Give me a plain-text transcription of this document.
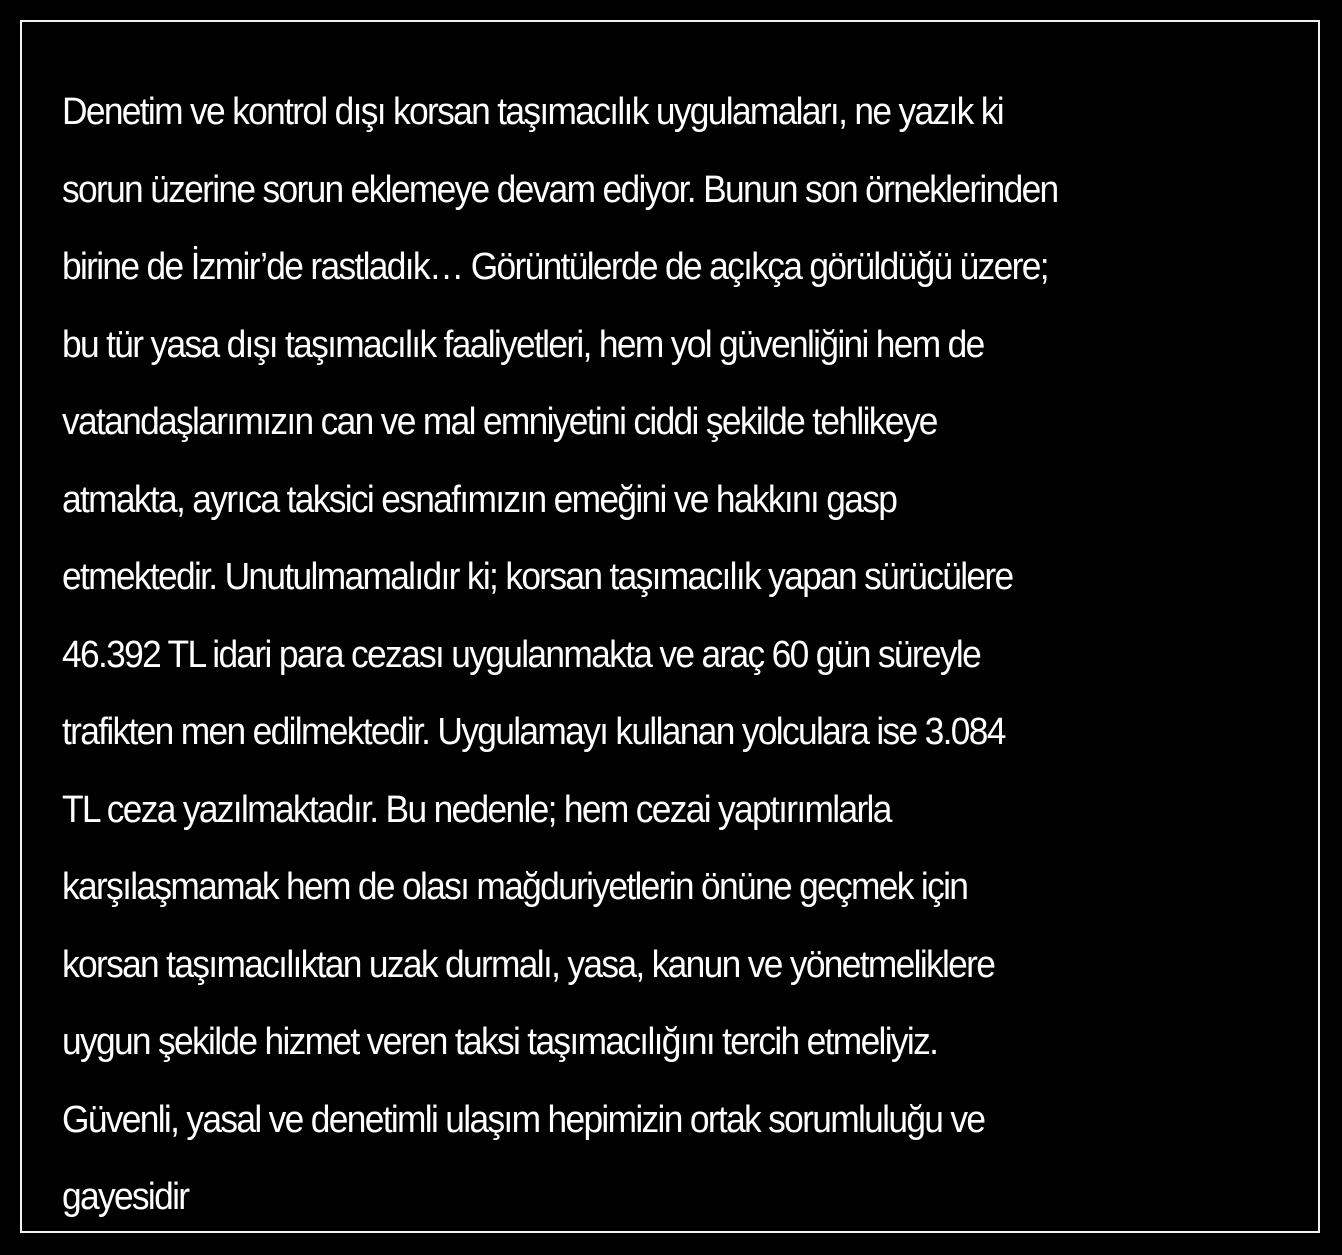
Denetim ve kontrol dışı korsan taşımacılık uygulamaları, ne yazık ki
sorun üzerine sorun eklemeye devam ediyor. Bunun son örneklerinden
birine de İzmir’de rastladık… Görüntülerde de açıkça görüldüğü üzere;
bu tür yasa dışı taşımacılık faaliyetleri, hem yol güvenliğini hem de
vatandaşlarımızın can ve mal emniyetini ciddi şekilde tehlikeye
atmakta, ayrıca taksici esnafımızın emeğini ve hakkını gasp
etmektedir. Unutulmamalıdır ki; korsan taşımacılık yapan sürücülere
46.392 TL idari para cezası uygulanmakta ve araç 60 gün süreyle
trafikten men edilmektedir. Uygulamayı kullanan yolculara ise 3.084
TL ceza yazılmaktadır. Bu nedenle; hem cezai yaptırımlarla
karşılaşmamak hem de olası mağduriyetlerin önüne geçmek için
korsan taşımacılıktan uzak durmalı, yasa, kanun ve yönetmeliklere
uygun şekilde hizmet veren taksi taşımacılığını tercih etmeliyiz.
Güvenli, yasal ve denetimli ulaşım hepimizin ortak sorumluluğu ve
gayesidir
